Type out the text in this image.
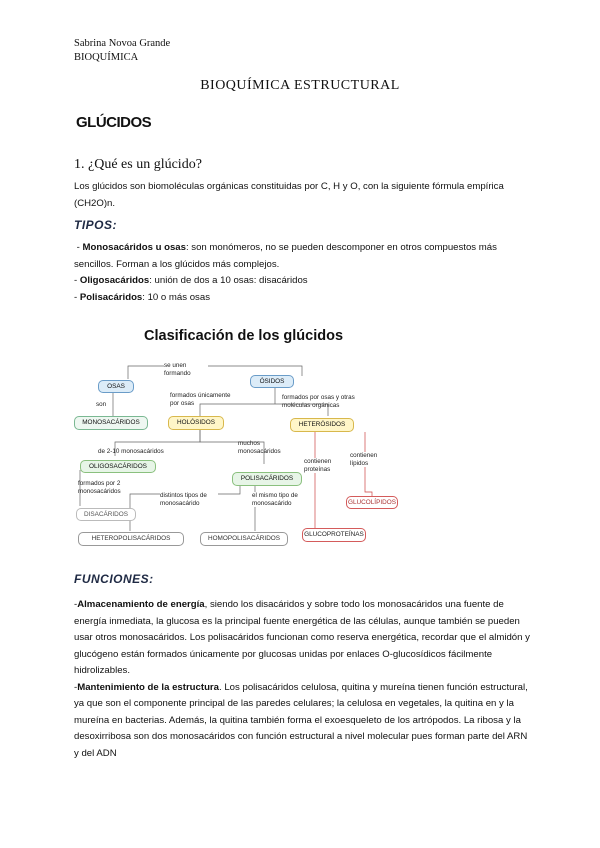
Sabrina Novoa Grande
BIOQUÍMICA
BIOQUÍMICA ESTRUCTURAL
GLÚCIDOS
1. ¿Qué es un glúcido?
Los glúcidos son biomoléculas orgánicas constituidas por C, H y O, con la siguiente fórmula empírica (CH2O)n.
TIPOS:
- Monosacáridos u osas: son monómeros, no se pueden descomponer en otros compuestos más sencillos. Forman a los glúcidos más complejos.
- Oligosacáridos: unión de dos a 10 osas: disacáridos
- Polisacáridos: 10 o más osas
Clasificación de los glúcidos
OSAS
ÓSIDOS
MONOSACÁRIDOS	HOLÓSIDOS	HETERÓSIDOS
OLIGOSACÁRIDOS
POLISACÁRIDOS
DISACÁRIDOS
HETEROPOLISACÁRIDOS	HOMOPOLISACÁRIDOS
GLUCOLÍPIDOS
GLUCOPROTEÍNAS
se unen formando
son
formados únicamente por osas
formados por osas y otras moléculas orgánicas
de 2-10 monosacáridos
muchos monosacáridos
contienen proteínas
contienen lípidos
formados por 2 monosacáridos
distintos tipos de monosacárido
el mismo tipo de monosacárido
FUNCIONES:
-Almacenamiento de energía, siendo los disacáridos y sobre todo los monosacáridos una fuente de energía inmediata, la glucosa es la principal fuente energética de las células, aunque también se pueden usar otros monosacáridos. Los polisacáridos funcionan como reserva energética, recordar que el almidón y glucógeno están formados únicamente por glucosas unidas por enlaces O-glucosídicos fácilmente hidrolizables.
-Mantenimiento de la estructura. Los polisacáridos celulosa, quitina y mureína tienen función estructural, ya que son el componente principal de las paredes celulares; la celulosa en vegetales, la quitina en y la mureína en bacterias. Además, la quitina también forma el exoesqueleto de los artrópodos. La ribosa y la desoxirribosa son dos monosacáridos con función estructural a nivel molecular pues forman parte del ARN y del ADN
